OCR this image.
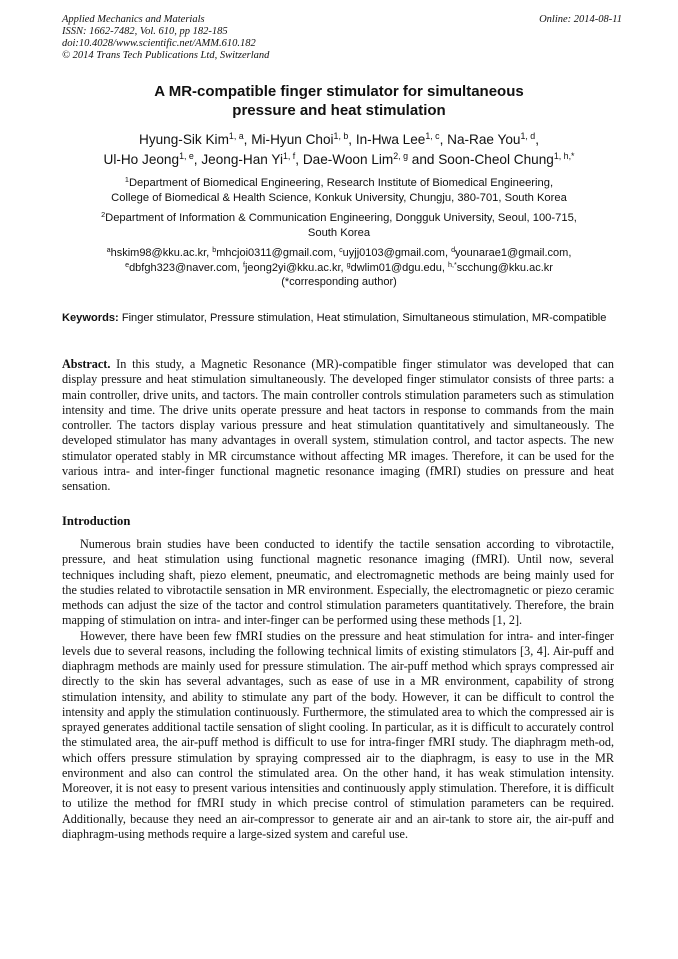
Applied Mechanics and Materials
ISSN: 1662-7482, Vol. 610, pp 182-185
doi:10.4028/www.scientific.net/AMM.610.182
© 2014 Trans Tech Publications Ltd, Switzerland
Online: 2014-08-11
A MR-compatible finger stimulator for simultaneous
pressure and heat stimulation
Hyung-Sik Kim$^{1, a}$, Mi-Hyun Choi$^{1, b}$, In-Hwa Lee$^{1, c}$, Na-Rae You$^{1, d}$,
Ul-Ho Jeong$^{1, e}$, Jeong-Han Yi$^{1, f}$, Dae-Woon Lim$^{2, g}$ and Soon-Cheol Chung$^{1, h,*}$
$^1$Department of Biomedical Engineering, Research Institute of Biomedical Engineering,
College of Biomedical & Health Science, Konkuk University, Chungju, 380-701, South Korea
$^2$Department of Information & Communication Engineering, Dongguk University, Seoul, 100-715,
South Korea
$^a$hskim98@kku.ac.kr, $^b$mhcjoi0311@gmail.com, $^c$uyjj0103@gmail.com, $^d$younarae1@gmail.com,
$^e$dbfgh323@naver.com, $^f$jeong2yi@kku.ac.kr, $^g$dwlim01@dgu.edu, $^{h,*}$scchung@kku.ac.kr
(*corresponding author)
Keywords: Finger stimulator, Pressure stimulation, Heat stimulation, Simultaneous stimulation, MR-compatible
Abstract. In this study, a Magnetic Resonance (MR)-compatible finger stimulator was developed that can display pressure and heat stimulation simultaneously. The developed finger stimulator consists of three parts: a main controller, drive units, and tactors. The main controller controls stimulation parameters such as stimulation intensity and time. The drive units operate pressure and heat tactors in response to commands from the main controller. The tactors display various pressure and heat stimulation quantitatively and simultaneously. The developed stimulator has many advantages in overall system, stimulation control, and tactor aspects. The new stimulator operated stably in MR circumstance without affecting MR images. Therefore, it can be used for the various intra- and inter-finger functional magnetic resonance imaging (fMRI) studies on pressure and heat sensation.
Introduction

Numerous brain studies have been conducted to identify the tactile sensation according to vibrotactile, pressure, and heat stimulation using functional magnetic resonance imaging (fMRI). Until now, several techniques including shaft, piezo element, pneumatic, and electromagnetic methods are being mainly used for the studies related to vibrotactile sensation in MR environment. Especially, the electromagnetic or piezo ceramic methods can adjust the size of the tactor and control stimulation parameters quantitatively. Therefore, the brain mapping of stimulation on intra- and inter-finger can be performed using these methods [1, 2].

However, there have been few fMRI studies on the pressure and heat stimulation for intra- and inter-finger levels due to several reasons, including the following technical limits of existing stimulators [3, 4]. Air-puff and diaphragm methods are mainly used for pressure stimulation. The air-puff method which sprays compressed air directly to the skin has several advantages, such as ease of use in a MR environment, capability of strong stimulation intensity, and ability to stimulate any part of the body. However, it can be difficult to control the intensity and apply the stimulation continuously. Furthermore, the stimulated area to which the compressed air is sprayed generates additional tactile sensation of slight cooling. In particular, as it is difficult to accurately control the stimulated area, the air-puff method is difficult to use for intra-finger fMRI study. The diaphragm meth-od, which offers pressure stimulation by spraying compressed air to the diaphragm, is easy to use in the MR environment and also can control the stimulated area. On the other hand, it has weak stimulation intensity. Moreover, it is not easy to present various intensities and continuously apply stimulation. Therefore, it is difficult to utilize the method for fMRI study in which precise control of stimulation parameters can be required. Additionally, because they need an air-compressor to generate air and an air-tank to store air, the air-puff and diaphragm-using methods require a large-sized system and careful use.
